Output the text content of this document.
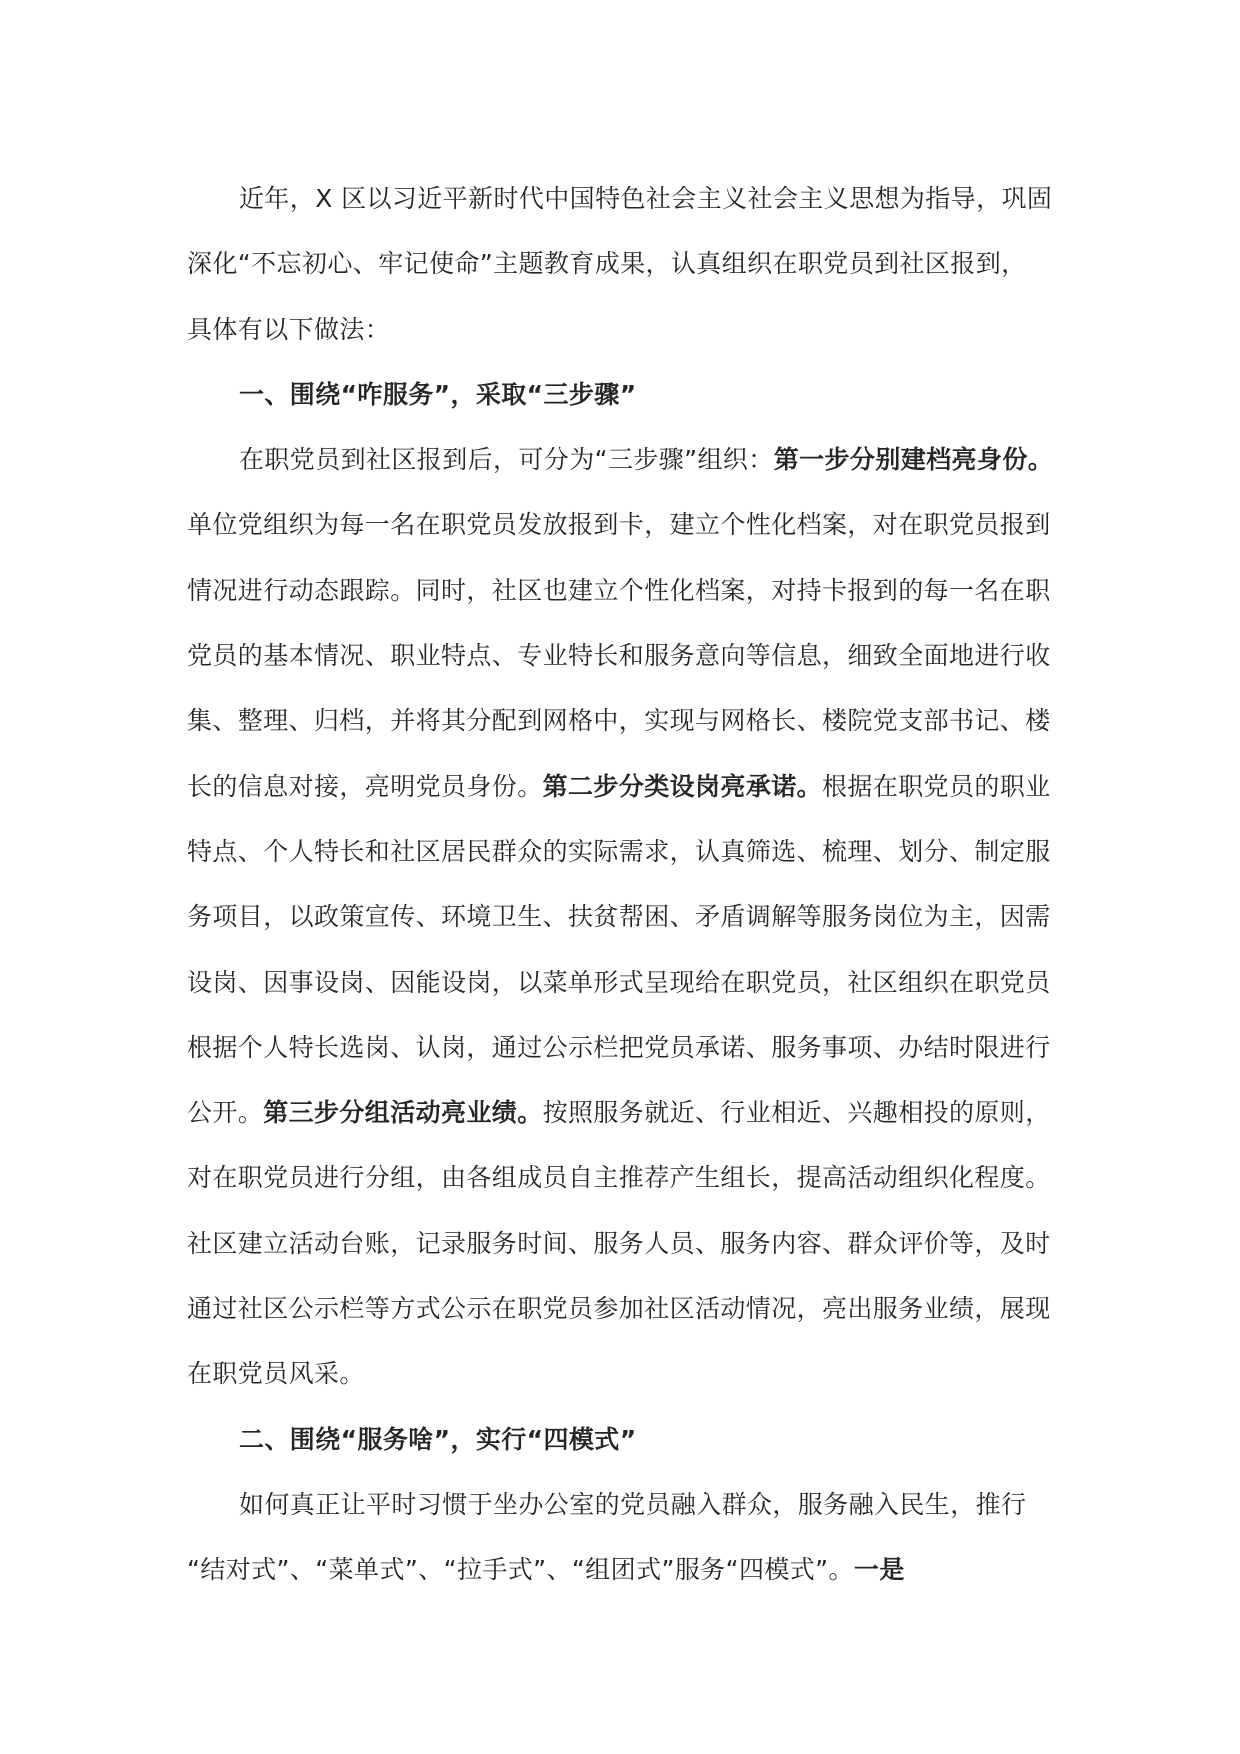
近年，X 区以习近平新时代中国特色社会主义社会主义思想为指导，巩固
深化“不忘初心、牢记使命”主题教育成果，认真组织在职党员到社区报到，
具体有以下做法：
一、围绕“咋服务”，采取“三步骤”
在职党员到社区报到后，可分为“三步骤”组织：第一步分别建档亮身份。
单位党组织为每一名在职党员发放报到卡，建立个性化档案，对在职党员报到
情况进行动态跟踪。同时，社区也建立个性化档案，对持卡报到的每一名在职
党员的基本情况、职业特点、专业特长和服务意向等信息，细致全面地进行收
集、整理、归档，并将其分配到网格中，实现与网格长、楼院党支部书记、楼
长的信息对接，亮明党员身份。第二步分类设岗亮承诺。根据在职党员的职业
特点、个人特长和社区居民群众的实际需求，认真筛选、梳理、划分、制定服
务项目，以政策宣传、环境卫生、扶贫帮困、矛盾调解等服务岗位为主，因需
设岗、因事设岗、因能设岗，以菜单形式呈现给在职党员，社区组织在职党员
根据个人特长选岗、认岗，通过公示栏把党员承诺、服务事项、办结时限进行
公开。第三步分组活动亮业绩。按照服务就近、行业相近、兴趣相投的原则，
对在职党员进行分组，由各组成员自主推荐产生组长，提高活动组织化程度。
社区建立活动台账，记录服务时间、服务人员、服务内容、群众评价等，及时
通过社区公示栏等方式公示在职党员参加社区活动情况，亮出服务业绩，展现
在职党员风采。
二、围绕“服务啥”，实行“四模式”
如何真正让平时习惯于坐办公室的党员融入群众，服务融入民生，推行
“结对式”、“菜单式”、“拉手式”、“组团式”服务“四模式”。一是
